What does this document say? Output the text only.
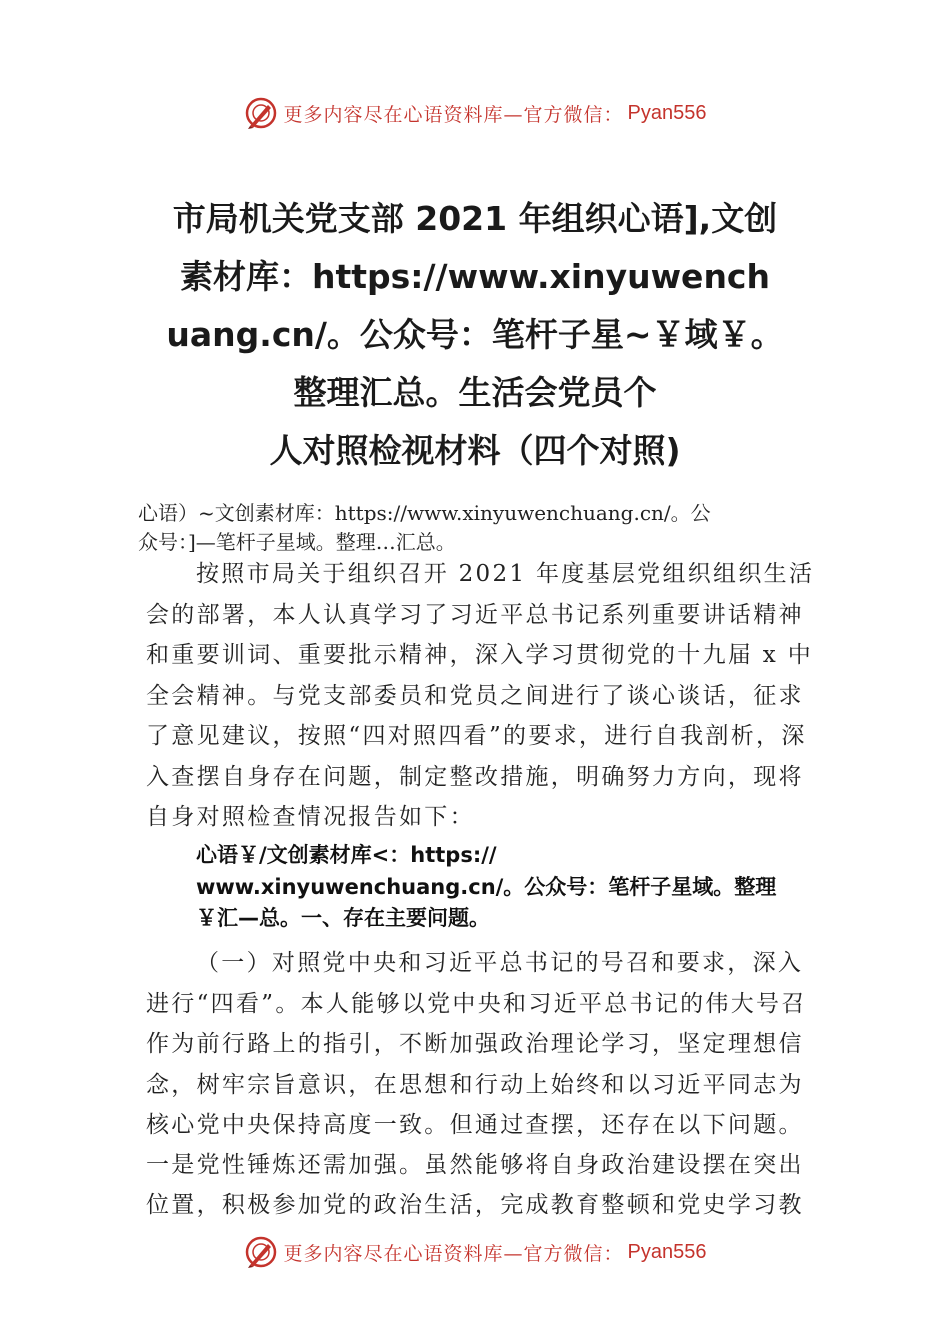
更多内容尽在心语资料库—官方微信： Pyan556
市局机关党支部 2021 年组织心语],文创
素材库：https://www.xinyuwench
uang.cn/。公众号：笔杆子星~￥域￥。
整理汇总。生活会党员个
人对照检视材料（四个对照)
心语）~文创素材库：https://www.xinyuwenchuang.cn/。公
众号：]—笔杆子星域。整理…汇总。
按照市局关于组织召开 2021 年度基层党组织组织生活
会的部署，本人认真学习了习近平总书记系列重要讲话精神
和重要训词、重要批示精神，深入学习贯彻党的十九届 x 中
全会精神。与党支部委员和党员之间进行了谈心谈话，征求
了意见建议，按照“四对照四看”的要求，进行自我剖析，深
入查摆自身存在问题，制定整改措施，明确努力方向，现将
自身对照检查情况报告如下：
心语￥/文创素材库<：https://
www.xinyuwenchuang.cn/。公众号：笔杆子星域。整理
￥汇—总。一、存在主要问题。
（一）对照党中央和习近平总书记的号召和要求，深入
进行“四看”。本人能够以党中央和习近平总书记的伟大号召
作为前行路上的指引，不断加强政治理论学习，坚定理想信
念，树牢宗旨意识，在思想和行动上始终和以习近平同志为
核心党中央保持高度一致。但通过查摆，还存在以下问题。
一是党性锤炼还需加强。虽然能够将自身政治建设摆在突出
位置，积极参加党的政治生活，完成教育整顿和党史学习教
更多内容尽在心语资料库—官方微信： Pyan556
